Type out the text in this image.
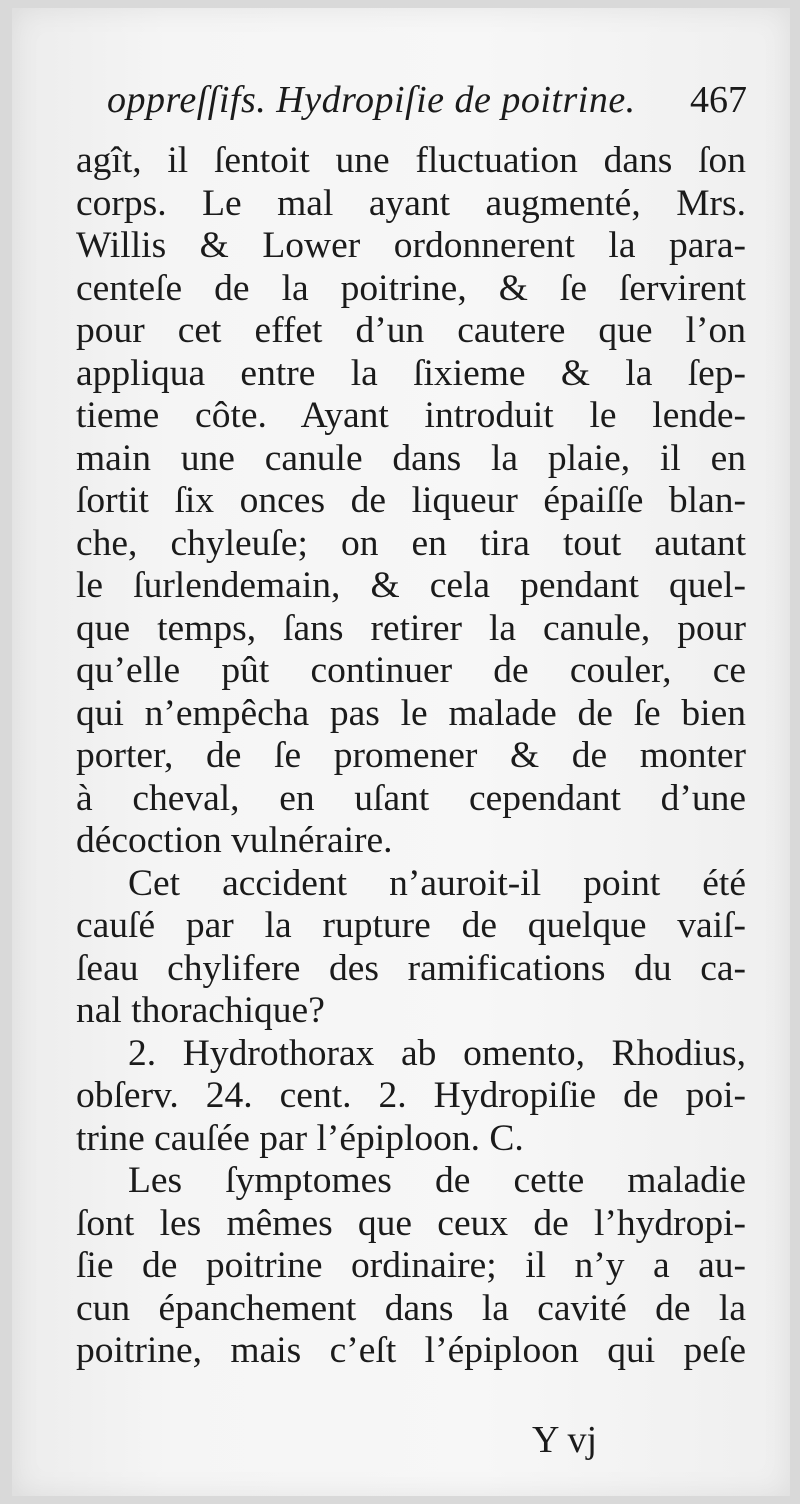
oppreſſifs. Hydropiſie de poitrine. 467
agît, il ſentoit une fluctuation dans ſon
corps. Le mal ayant augmenté, Mrs.
Willis & Lower ordonnerent la para-
centeſe de la poitrine, & ſe ſervirent
pour cet effet d’un cautere que l’on
appliqua entre la ſixieme & la ſep-
tieme côte. Ayant introduit le lende-
main une canule dans la plaie, il en
ſortit ſix onces de liqueur épaiſſe blan-
che, chyleuſe; on en tira tout autant
le ſurlendemain, & cela pendant quel-
que temps, ſans retirer la canule, pour
qu’elle pût continuer de couler, ce
qui n’empêcha pas le malade de ſe bien
porter, de ſe promener & de monter
à cheval, en uſant cependant d’une
décoction vulnéraire.
Cet accident n’auroit-il point été
cauſé par la rupture de quelque vaiſ-
ſeau chylifere des ramifications du ca-
nal thorachique?
2. Hydrothorax ab omento, Rhodius,
obſerv. 24. cent. 2. Hydropiſie de poi-
trine cauſée par l’épiploon. C.
Les ſymptomes de cette maladie
ſont les mêmes que ceux de l’hydropi-
ſie de poitrine ordinaire; il n’y a au-
cun épanchement dans la cavité de la
poitrine, mais c’eſt l’épiploon qui peſe
Y vj
